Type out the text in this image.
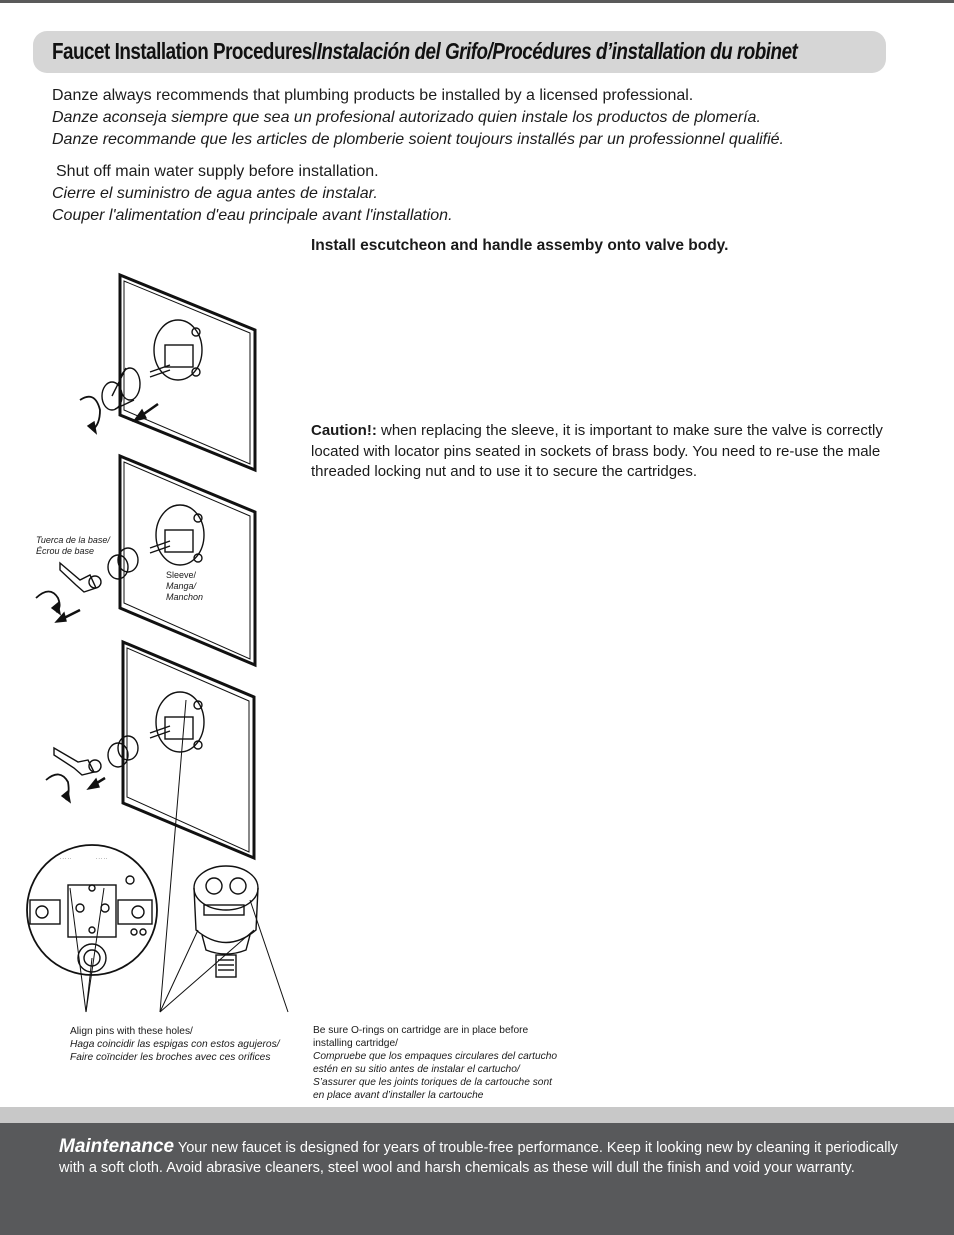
Faucet Installation Procedures/Instalación del Grifo/Procédures d’installation du robinet
Danze always recommends that plumbing products be installed by a licensed professional.
Danze aconseja siempre que sea un profesional autorizado quien instale los productos de plomería.
Danze recommande que les articles de plomberie soient toujours installés par un professionnel qualifié.
Shut off main water supply before installation.
Cierre el suministro de agua antes de instalar.
Couper l'alimentation d'eau principale avant l'installation.
Install escutcheon and handle assemby onto valve body.
Caution!: when replacing the sleeve, it is important to make sure the valve is correctly located with locator pins seated in sockets of brass body. You need to re-use the male threaded locking nut and to use it to secure the cartridges.
· · · · ·	· · · · ·
Tuerca de la base/
Écrou de base
Sleeve/
Manga/
Manchon
Align pins with these holes/
Haga coincidir las espigas con estos agujeros/
Faire coïncider les broches avec ces orifices
Be sure O-rings on cartridge are in place before
installing cartridge/
Compruebe que los empaques circulares del cartucho
estén en su sitio antes de instalar el cartucho/
S’assurer que les joints toriques de la cartouche sont
en place avant d’installer la cartouche
Maintenance Your new faucet is designed for years of trouble-free performance. Keep it looking new by cleaning it periodically with a soft cloth. Avoid abrasive cleaners, steel wool and harsh chemicals as these will dull the finish and void your warranty.
